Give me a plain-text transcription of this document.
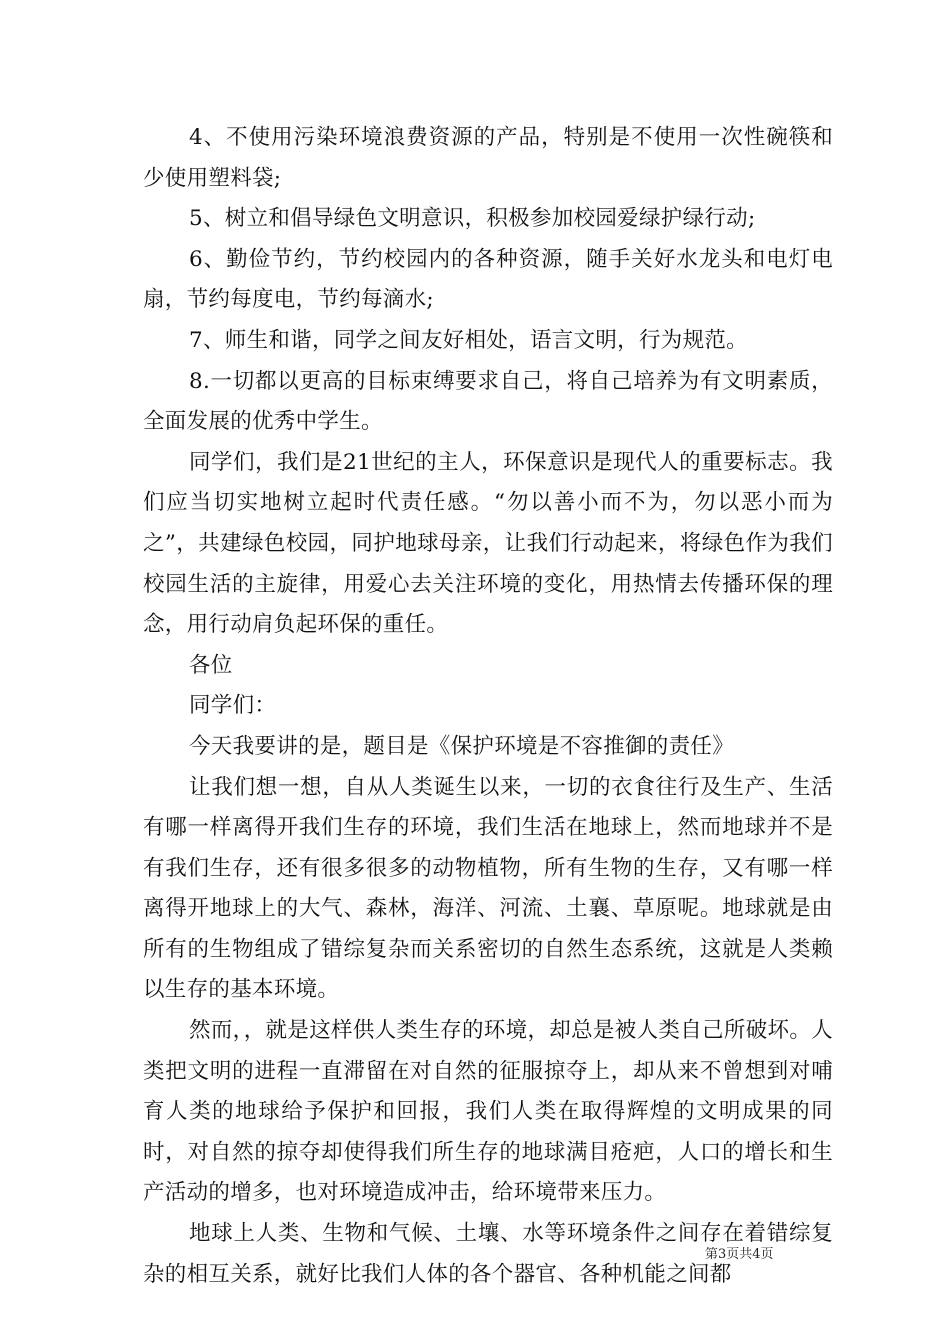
4、不使用污染环境浪费资源的产品，特别是不使用一次性碗筷和少使用塑料袋;

5、树立和倡导绿色文明意识，积极参加校园爱绿护绿行动;

6、勤俭节约，节约校园内的各种资源，随手关好水龙头和电灯电扇，节约每度电，节约每滴水;

7、师生和谐，同学之间友好相处，语言文明，行为规范。

8.一切都以更高的目标束缚要求自己，将自己培养为有文明素质，全面发展的优秀中学生。

同学们，我们是21世纪的主人，环保意识是现代人的重要标志。我们应当切实地树立起时代责任感。“勿以善小而不为，勿以恶小而为之”，共建绿色校园，同护地球母亲，让我们行动起来，将绿色作为我们校园生活的主旋律，用爱心去关注环境的变化，用热情去传播环保的理念，用行动肩负起环保的重任。

各位

同学们：

今天我要讲的是，题目是《保护环境是不容推御的责任》

让我们想一想，自从人类诞生以来，一切的衣食往行及生产、生活有哪一样离得开我们生存的环境，我们生活在地球上，然而地球并不是有我们生存，还有很多很多的动物植物，所有生物的生存，又有哪一样离得开地球上的大气、森林，海洋、河流、土襄、草原呢。地球就是由所有的生物组成了错综复杂而关系密切的自然生态系统，这就是人类赖以生存的基本环境。

然而，，就是这样供人类生存的环境，却总是被人类自己所破坏。人类把文明的进程一直滞留在对自然的征服掠夺上，却从来不曾想到对哺育人类的地球给予保护和回报，我们人类在取得辉煌的文明成果的同时，对自然的掠夺却使得我们所生存的地球满目疮疤，人口的增长和生产活动的增多，也对环境造成冲击，给环境带来压力。

地球上人类、生物和气候、土壤、水等环境条件之间存在着错综复杂的相互关系，就好比我们人体的各个器官、各种机能之间都

第3页共4页
